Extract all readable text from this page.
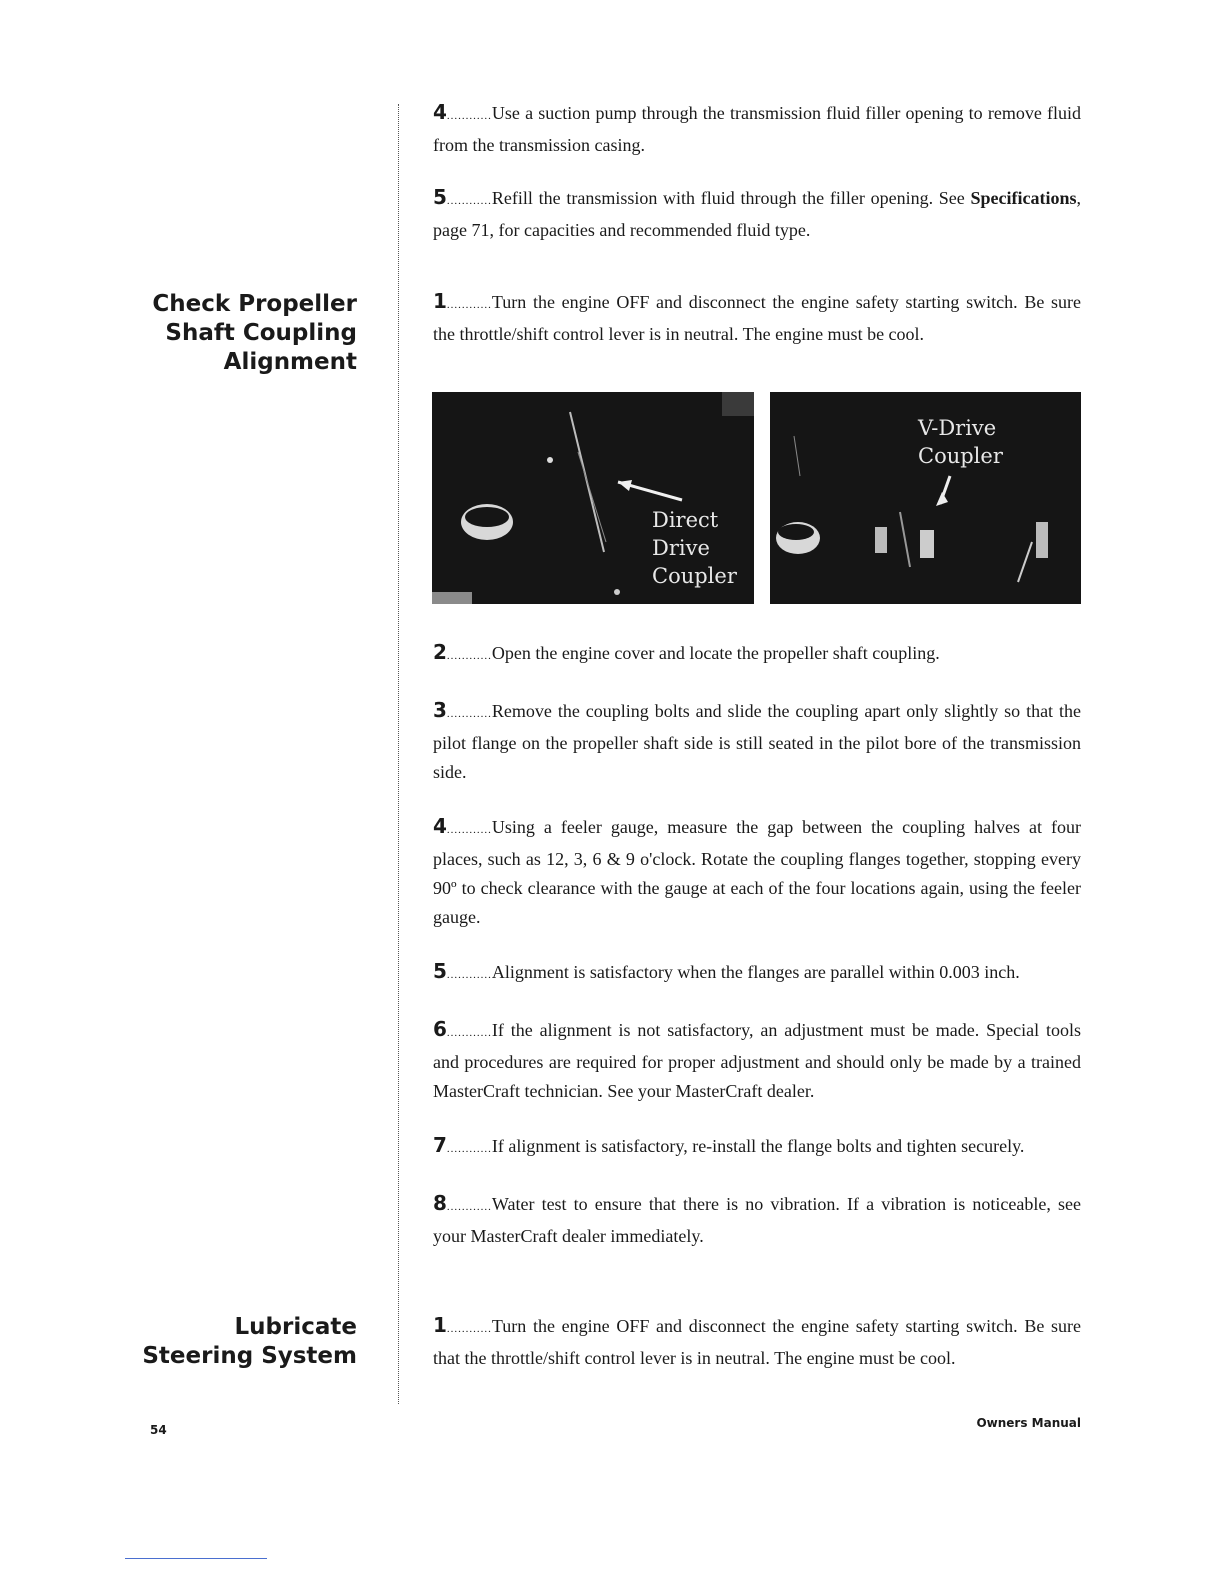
Check Propeller
Shaft Coupling
Alignment
Lubricate
Steering System

4............Use a suction pump through the transmission fluid filler opening to remove fluid from the transmission casing.

5............Refill the transmission with fluid through the filler opening. See Specifications, page 71, for capacities and recommended fluid type.

1............Turn the engine OFF and disconnect the engine safety starting switch. Be sure the throttle/shift control lever is in neutral. The engine must be cool.

Direct
Drive
Coupler
V-Drive
Coupler

2............Open the engine cover and locate the propeller shaft coupling.

3............Remove the coupling bolts and slide the coupling apart only slightly so that the pilot flange on the propeller shaft side is still seated in the pilot bore of the transmission side.

4............Using a feeler gauge, measure the gap between the coupling halves at four places, such as 12, 3, 6 & 9 o'clock. Rotate the coupling flanges together, stopping every 90º to check clearance with the gauge at each of the four locations again, using the feeler gauge.

5............Alignment is satisfactory when the flanges are parallel within 0.003 inch.

6............If the alignment is not satisfactory, an adjustment must be made. Special tools and procedures are required for proper adjustment and should only be made by a trained MasterCraft technician. See your MasterCraft dealer.

7............If alignment is satisfactory, re-install the flange bolts and tighten securely.

8............Water test to ensure that there is no vibration. If a vibration is noticeable, see your MasterCraft dealer immediately.

1............Turn the engine OFF and disconnect the engine safety starting switch. Be sure that the throttle/shift control lever is in neutral. The engine must be cool.

54	Owners Manual
